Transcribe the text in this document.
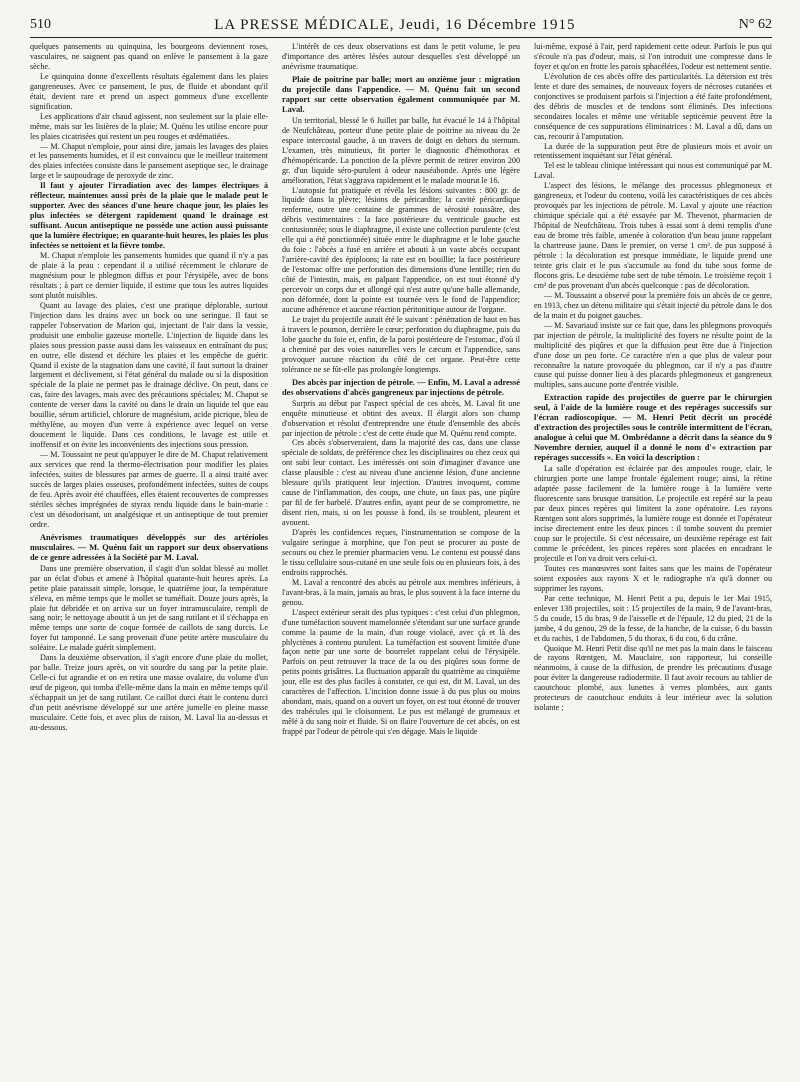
510	LA PRESSE MÉDICALE, Jeudi, 16 Décembre 1915	N° 62

quelques pansements au quinquina, les bourgeons deviennent roses, vasculaires, ne saignent pas quand on enlève le pansement à la gaze sèche.

Le quinquina donne d'excellents résultats également dans les plaies gangreneuses. Avec ce pansement, le pus, de fluide et abondant qu'il était, devient rare et prend un aspect gommeux d'une excellente signification.

Les applications d'air chaud agissent, non seulement sur la plaie elle-même, mais sur les lisières de la plaie; M. Quénu les utilise encore pour les plaies cicatrisées qui restent un peu rouges et œdématiées.

— M. Chaput n'emploie, pour ainsi dire, jamais les lavages des plaies et les pansements humides, et il est convaincu que le meilleur traitement des plaies infectées consiste dans le pansement aseptique sec, le drainage large et le saupoudrage de peroxyde de zinc.

Il faut y ajouter l'irradiation avec des lampes électriques à réflecteur, maintenues aussi près de la plaie que le malade peut le supporter. Avec des séances d'une heure chaque jour, les plaies les plus infectées se détergent rapidement quand le drainage est suffisant. Aucun antiseptique ne possède une action aussi puissante que la lumière électrique; en quarante-huit heures, les plaies les plus infectées se nettoient et la fièvre tombe.

M. Chaput n'emploie les pansements humides que quand il n'y a pas de plaie à la peau : cependant il a utilisé récemment le chlorure de magnésium pour le phlegmon diffus et pour l'érysipèle, avec de bons résultats ; à part ce dernier liquide, il estime que tous les autres liquides sont plutôt nuisibles.

Quant au lavage des plaies, c'est une pratique déplorable, surtout l'injection dans les drains avec un bock ou une seringue. Il faut se rappeler l'observation de Marion qui, injectant de l'air dans la vessie, produisit une embolie gazeuse mortelle. L'injection de liquide dans les plaies sous pression passe aussi dans les vaisseaux en entraînant du pus; en outre, elle distend et déchire les plaies et les empêche de guérir. Quand il existe de la stagnation dans une cavité, il faut surtout la drainer largement et déclivement, si l'état général du malade ou si la disposition spéciale de la plaie ne permet pas le drainage déclive. On peut, dans ce cas, faire des lavages, mais avec des précautions spéciales; M. Chaput se contente de verser dans la cavité ou dans le drain un liquide tel que eau bouillie, sérum artificiel, chlorure de magnésium, acide picrique, bleu de méthylène, au moyen d'un verre à expérience avec lequel on verse doucement le liquide. Dans ces conditions, le lavage est utile et inoffensif et on évite les inconvénients des injections sous pression.

— M. Toussaint ne peut qu'appuyer le dire de M. Chaput relativement aux services que rend la thermo-électrisation pour modifier les plaies infectées, suites de blessures par armes de guerre. Il a ainsi traité avec succès de larges plaies osseuses, profondément infectées, suites de coups de feu. Après avoir été chauffées, elles étaient recouvertes de compresses stériles sèches imprégnées de styrax rendu liquide dans le bain-marie : c'est un désodorisant, un analgésique et un antiseptique de tout premier ordre.

Anévrismes traumatiques développés sur des artérioles musculaires. — M. Quénu fait un rapport sur deux observations de ce genre adressées à la Société par M. Laval.

Dans une première observation, il s'agit d'un soldat blessé au mollet par un éclat d'obus et amené à l'hôpital quarante-huit heures après. La petite plaie paraissait simple, lorsque, le quatrième jour, la température s'éleva, en même temps que le mollet se tuméfiait. Douze jours après, la plaie fut débridée et on arriva sur un foyer intramusculaire, rempli de sang noir; le nettoyage aboutit à un jet de sang rutilant et il s'échappa en même temps une sorte de coque formée de caillots de sang durcis. Le foyer fut tamponné. Le sang provenait d'une petite artère musculaire du soléaire. Le malade guérit simplement.

Dans la deuxième observation, il s'agit encore d'une plaie du mollet, par balle. Treize jours après, on vit sourdre du sang par la petite plaie. Celle-ci fut agrandie et on en retira une masse ovalaire, du volume d'un œuf de pigeon, qui tomba d'elle-même dans la main en même temps qu'il s'échappait un jet de sang rutilant. Ce caillot durci était le contenu durci d'un petit anévrisme développé sur une artère jumelle en pleine masse musculaire. Cette fois, et avec plus de raison, M. Laval lia au-dessus et au-dessous.

L'intérêt de ces deux observations est dans le petit volume, le peu d'importance des artères lésées autour desquelles s'est développé un anévrisme traumatique.

Plaie de poitrine par balle; mort au onzième jour : migration du projectile dans l'appendice. — M. Quénu fait un second rapport sur cette observation également communiquée par M. Laval.

Un territorial, blessé le 6 Juillet par balle, fut évacué le 14 à l'hôpital de Neufchâteau, porteur d'une petite plaie de poitrine au niveau du 2e espace intercostal gauche, à un travers de doigt en dehors du sternum. L'examen, très minutieux, fit porter le diagnostic d'hémothorax et d'hémopéricarde. La ponction de la plèvre permit de retirer environ 200 gr. d'un liquide séro-purulent à odeur nauséabonde. Après une légère amélioration, l'état s'aggrava rapidement et le malade mourut le 16.

L'autopsie fut pratiquée et révéla les lésions suivantes : 800 gr. de liquide dans la plèvre; lésions de péricardite; la cavité péricardique renferme, outre une centaine de grammes de sérosité roussâtre, des débris vestimentaires : la face postérieure du ventricule gauche est contusionnée; sous le diaphragme, il existe une collection purulente (c'est elle qui a été ponctionnée) située entre le diaphragme et le lobe gauche du foie : l'abcès a fusé en arrière et abouti à un vaste abcès occupant l'arrière-cavité des épiploons; la rate est en bouillie; la face postérieure de l'estomac offre une perforation des dimensions d'une lentille; rien du côté de l'intestin, mais, en palpant l'appendice, on est tout étonné d'y percevoir un corps dur et allongé qui n'est autre qu'une balle allemande, non déformée, dont la pointe est tournée vers le fond de l'appendice; aucune adhérence et aucune réaction péritonitique autour de l'organe.

Le trajet du projectile aurait été le suivant : pénétration de haut en bas à travers le poumon, derrière le cœur; perforation du diaphragme, puis du lobe gauche du foie et, enfin, de la paroi postérieure de l'estomac, d'où il a cheminé par des voies naturelles vers le cæcum et l'appendice, sans provoquer aucune réaction du côté de cet organe. Peut-être cette tolérance ne se fût-elle pas prolongée longtemps.

Des abcès par injection de pétrole. — Enfin, M. Laval a adressé des observations d'abcès gangreneux par injections de pétrole.

Surpris au début par l'aspect spécial de ces abcès, M. Laval fit une enquête minutieuse et obtint des aveux. Il élargit alors son champ d'observation et résolut d'entreprendre une étude d'ensemble des abcès par injection de pétrole : c'est de cette étude que M. Quénu rend compte.

Ces abcès s'observeraient, dans la majorité des cas, dans une classe spéciale de soldats, de préférence chez les disciplinaires ou chez ceux qui ont subi leur contact. Les intéressés ont soin d'imaginer d'avance une classe plausible : c'est au niveau d'une ancienne lésion, d'une ancienne blessure qu'ils pratiquent leur injection. D'autres invoquent, comme cause de l'inflammation, des coups, une chute, un faux pas, une piqûre par fil de fer barbelé. D'autres enfin, ayant peur de se compromettre, ne disent rien, mais, si on les pousse à fond, ils se troublent, pleurent et avouent.

D'après les confidences reçues, l'instrumentation se compose de la vulgaire seringue à morphine, que l'on peut se procurer au poste de secours ou chez le premier pharmacien venu. Le contenu est poussé dans le tissu cellulaire sous-cutané en une seule fois ou en plusieurs fois, à des endroits rapprochés.

M. Laval a rencontré des abcès au pétrole aux membres inférieurs, à l'avant-bras, à la main, jamais au bras, le plus souvent à la face interne du genou.

L'aspect extérieur serait des plus typiques : c'est celui d'un phlegmon, d'une tuméfaction souvent mamelonnée s'étendant sur une surface grande comme la paume de la main, d'un rouge violacé, avec çà et là des phlyctènes à contenu purulent. La tuméfaction est souvent limitée d'une façon nette par une sorte de bourrelet rappelant celui de l'érysipèle. Parfois on peut retrouver la trace de la ou des piqûres sous forme de petits points grisâtres. La fluctuation apparaît du quatrième au cinquième jour, elle est des plus faciles à constater, ce qui est, dit M. Laval, un des caractères de l'affection. L'incision donne issue à du pus plus ou moins abondant, mais, quand on a ouvert un foyer, on est tout étonné de trouver des trabécules qui le cloisonnent. Le pus est mélangé de grumeaux et mêlé à du sang noir et fluide. Si on flaire l'ouverture de cet abcès, on est frappé par l'odeur de pétrole qui s'en dégage. Mais le liquide

lui-même, exposé à l'air, perd rapidement cette odeur. Parfois le pus qui s'écoule n'a pas d'odeur, mais, si l'on introduit une compresse dans le foyer et qu'on en frotte les parois sphacélées, l'odeur est nettement sentie.

L'évolution de ces abcès offre des particularités. La détersion est très lente et dure des semaines, de nouveaux foyers de nécroses cutanées et conjonctives se produisent parfois si l'injection a été faite profondément, des débris de muscles et de tendons sont éliminés. Des infections secondaires locales et même une véritable septicémie peuvent être la conséquence de ces suppurations éliminatrices : M. Laval a dû, dans un cas, recourir à l'amputation.

La durée de la suppuration peut être de plusieurs mois et avoir un retentissement inquiétant sur l'état général.

Tel est le tableau clinique intéressant qui nous est communiqué par M. Laval.

L'aspect des lésions, le mélange des processus phlegmoneux et gangreneux, et l'odeur du contenu, voilà les caractéristiques de ces abcès provoqués par les injections de pétrole. M. Laval y ajoute une réaction chimique spéciale qui a été essayée par M. Thevenot, pharmacien de l'hôpital de Neufchâteau. Trois tubes à essai sont à demi remplis d'une eau de brome très faible, amenée à coloration d'un beau jaune rappelant la chartreuse jaune. Dans le premier, on verse 1 cm³. de pus supposé à pétrole : la décoloration est presque immédiate, le liquide prend une teinte gris clair et le pus s'accumule au fond du tube sous forme de flocons gris. Le deuxième tube sert de tube témoin. Le troisième reçoit 1 cm³ de pus provenant d'un abcès quelconque : pas de décoloration.

— M. Toussaint a observé pour la première fois un abcès de ce genre, en 1913, chez un détenu militaire qui s'était injecté du pétrole dans le dos de la main et du poignet gauches.

— M. Savariaud insiste sur ce fait que, dans les phlegmons provoqués par injection de pétrole, la multiplicité des foyers ne résulte point de la multiplicité des piqûres et que la diffusion peut être due à l'injection d'une dose un peu forte. Ce caractère n'en a que plus de valeur pour reconnaître la nature provoquée du phlegmon, car il n'y a pas d'autre cause qui puisse donner lieu à des placards phlegmoneux et gangreneux multiples, sans aucune porte d'entrée visible.

Extraction rapide des projectiles de guerre par le chirurgien seul, à l'aide de la lumière rouge et des repérages successifs sur l'écran radioscopique. — M. Henri Petit décrit un procédé d'extraction des projectiles sous le contrôle intermittent de l'écran, analogue à celui que M. Ombrédanne a décrit dans la séance du 9 Novembre dernier, auquel il a donné le nom d'« extraction par repérages successifs ». En voici la description :

La salle d'opération est éclairée par des ampoules rouge, clair, le chirurgien porte une lampe frontale également rouge; ainsi, la rétine adaptée passe facilement de la lumière rouge à la lumière verte fluorescente sans brusque transition. Le projectile est repéré sur la peau par deux pinces repères qui limitent la zone opératoire. Les rayons Rœntgen sont alors supprimés, la lumière rouge est donnée et l'opérateur incise directement entre les deux pinces : il tombe souvent du premier coup sur le projectile. Si c'est nécessaire, un deuxième repérage est fait comme le précédent, les pinces repères sont placées en encadrant le projectile et l'on va droit vers celui-ci.

Toutes ces manœuvres sont faites sans que les mains de l'opérateur soient exposées aux rayons X et le radiographe n'a qu'à donner ou supprimer les rayons.

Par cette technique, M. Henri Petit a pu, depuis le 1er Mai 1915, enlever 138 projectiles, soit : 15 projectiles de la main, 9 de l'avant-bras, 5 du coude, 15 du bras, 9 de l'aisselle et de l'épaule, 12 du pied, 21 de la jambe, 4 du genou, 29 de la fesse, de la hanche, de la cuisse, 6 du bassin et du rachis, 1 de l'abdomen, 5 du thorax, 6 du cou, 6 du crâne.

Quoique M. Henri Petit dise qu'il ne met pas la main dans le faisceau de rayons Rœntgen, M. Mauclaire, son rapporteur, lui conseille néanmoins, à cause de la diffusion, de prendre les précautions d'usage pour éviter la dangereuse radiodermite. Il faut avoir recours au tablier de caoutchouc plombé, aux lunettes à verres plombées, aux gants protecteurs de caoutchouc enduits à leur intérieur avec la solution isolante ;
